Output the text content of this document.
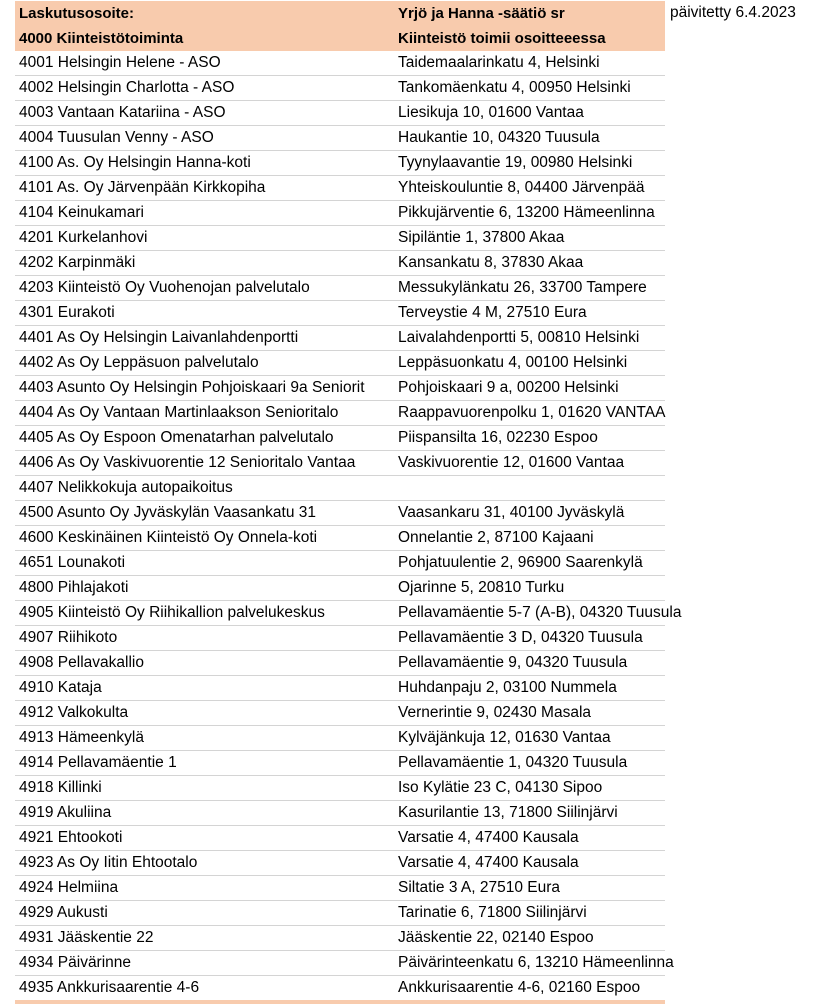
Laskutusosoite:	Yrjö ja Hanna -säätiö sr
4000 Kiinteistötoiminta	Kiinteistö toimii osoitteeessa
4001 Helsingin Helene - ASO	Taidemaalarinkatu 4, Helsinki
4002 Helsingin Charlotta - ASO	Tankomäenkatu 4, 00950 Helsinki
4003 Vantaan Katariina - ASO	Liesikuja 10, 01600 Vantaa
4004 Tuusulan Venny - ASO	Haukantie 10, 04320 Tuusula
4100 As. Oy Helsingin Hanna-koti	Tyynylaavantie 19, 00980 Helsinki
4101 As. Oy Järvenpään Kirkkopiha	Yhteiskouluntie 8, 04400 Järvenpää
4104 Keinukamari	Pikkujärventie 6, 13200 Hämeenlinna
4201 Kurkelanhovi	Sipiläntie 1, 37800 Akaa
4202 Karpinmäki	Kansankatu 8, 37830 Akaa
4203 Kiinteistö Oy Vuohenojan palvelutalo	Messukylänkatu 26, 33700 Tampere
4301 Eurakoti	Terveystie 4 M, 27510 Eura
4401 As Oy Helsingin Laivanlahdenportti	Laivalahdenportti 5, 00810 Helsinki
4402 As Oy Leppäsuon palvelutalo	Leppäsuonkatu 4, 00100 Helsinki
4403 Asunto Oy Helsingin Pohjoiskaari 9a Seniorit	Pohjoiskaari 9 a, 00200 Helsinki
4404 As Oy Vantaan Martinlaakson Senioritalo	Raappavuorenpolku 1, 01620 VANTAA
4405 As Oy Espoon Omenatarhan palvelutalo	Piispansilta 16, 02230 Espoo
4406 As Oy Vaskivuorentie 12 Senioritalo Vantaa	Vaskivuorentie 12, 01600 Vantaa
4407 Nelikkokuja autopaikoitus
4500 Asunto Oy Jyväskylän Vaasankatu 31	Vaasankaru 31, 40100 Jyväskylä
4600 Keskinäinen Kiinteistö Oy Onnela-koti	Onnelantie 2, 87100 Kajaani
4651 Lounakoti	Pohjatuulentie 2, 96900 Saarenkylä
4800 Pihlajakoti	Ojarinne 5, 20810 Turku
4905 Kiinteistö Oy Riihikallion palvelukeskus	Pellavamäentie 5-7 (A-B), 04320 Tuusula
4907 Riihikoto	Pellavamäentie 3 D, 04320 Tuusula
4908 Pellavakallio	Pellavamäentie 9, 04320 Tuusula
4910 Kataja	Huhdanpaju 2, 03100 Nummela
4912 Valkokulta	Vernerintie 9, 02430 Masala
4913 Hämeenkylä	Kylväjänkuja 12, 01630 Vantaa
4914 Pellavamäentie 1	Pellavamäentie 1, 04320 Tuusula
4918 Killinki	Iso Kylätie 23 C, 04130 Sipoo
4919 Akuliina	Kasurilantie 13, 71800 Siilinjärvi
4921 Ehtookoti	Varsatie 4, 47400 Kausala
4923 As Oy Iitin Ehtootalo	Varsatie 4, 47400 Kausala
4924 Helmiina	Siltatie 3 A, 27510 Eura
4929 Aukusti	Tarinatie 6, 71800 Siilinjärvi
4931 Jääskentie 22	Jääskentie 22, 02140 Espoo
4934 Päivärinne	Päivärinteenkatu 6, 13210 Hämeenlinna
4935 Ankkurisaarentie 4-6	Ankkurisaarentie 4-6, 02160 Espoo
päivitetty 6.4.2023
